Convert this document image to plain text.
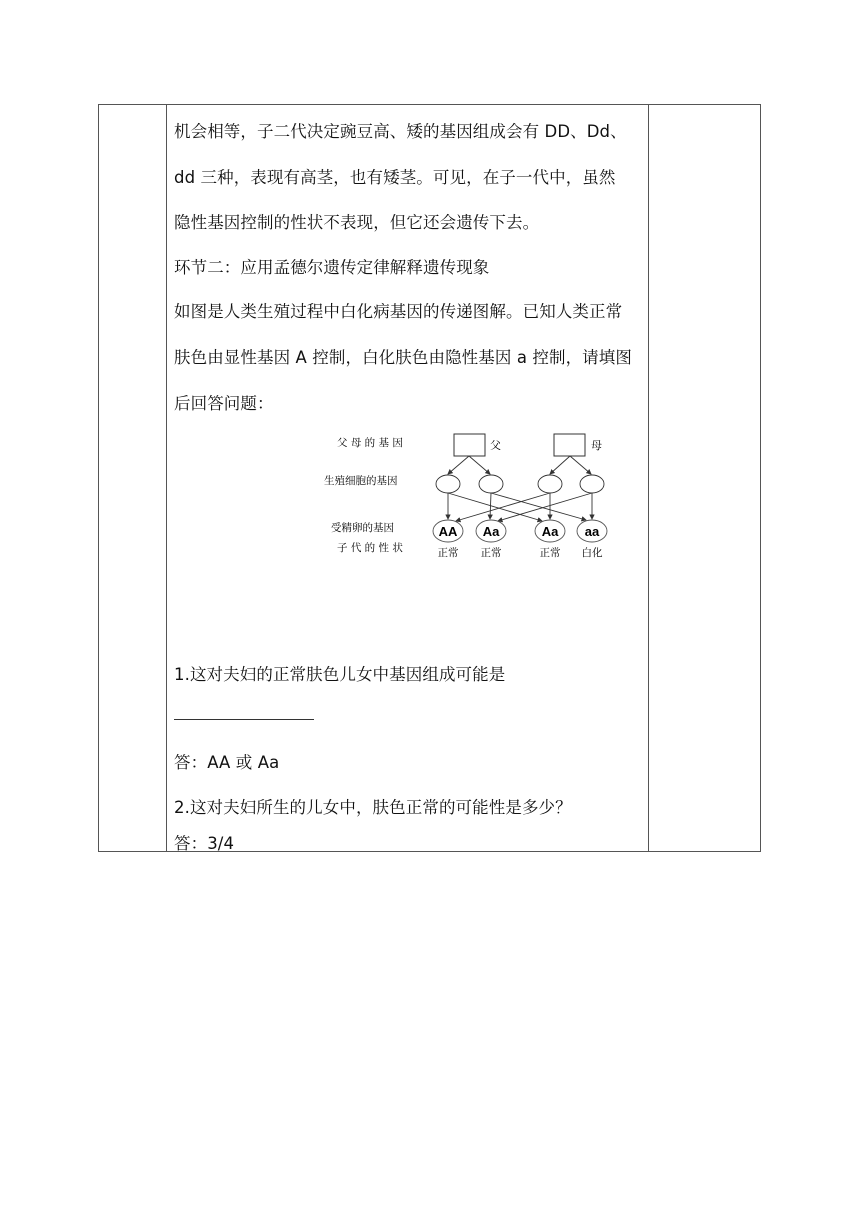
机会相等，子二代决定豌豆高、矮的基因组成会有 DD、Dd、
dd 三种，表现有高茎，也有矮茎。可见，在子一代中，虽然
隐性基因控制的性状不表现，但它还会遗传下去。
环节二：应用孟德尔遗传定律解释遗传现象
如图是人类生殖过程中白化病基因的传递图解。已知人类正常
肤色由显性基因 A 控制，白化肤色由隐性基因 a 控制，请填图
后回答问题：
父 母 的 基 因
生殖细胞的基因
受精卵的基因
子 代 的 性 状
父	母
AA Aa	Aa aa
正常 正常	正常 白化
1.这对夫妇的正常肤色儿女中基因组成可能是
答：AA 或 Aa
2.这对夫妇所生的儿女中，肤色正常的可能性是多少？
答：3/4
